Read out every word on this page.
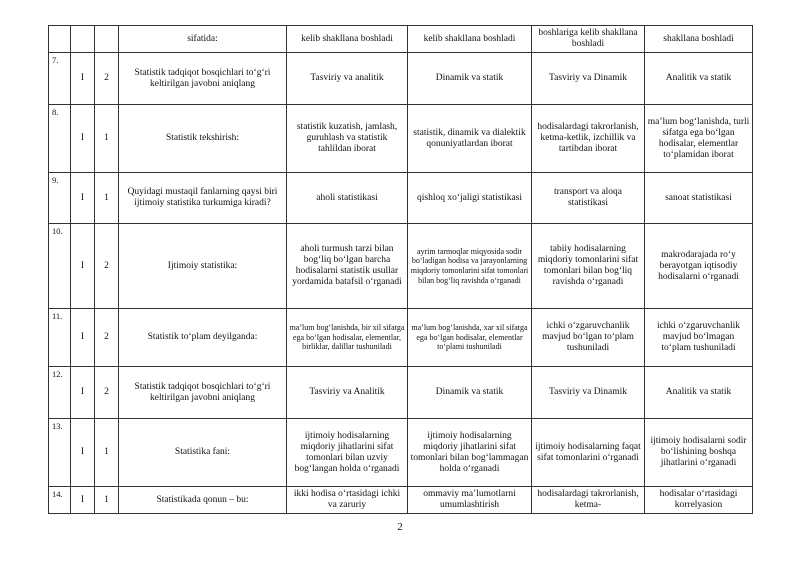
			sifatida:	kelib shakllana boshladi	kelib shakllana boshladi	boshlariga kelib shakllana boshladi	shakllana boshladi
7.	I	2	Statistik tadqiqot bosqichlari to‘g‘ri keltirilgan javobni aniqlang	Tasviriy va analitik	Dinamik va statik	Tasviriy va Dinamik	Analitik va statik
8.	I	1	Statistik tekshirish:	statistik kuzatish, jamlash, guruhlash va statistik tahlildan iborat	statistik, dinamik va dialektik qonuniyatlardan iborat	hodisalardagi takrorlanish, ketma-ketlik, izchillik va tartibdan iborat	ma’lum bog‘lanishda, turli sifatga ega bo‘lgan hodisalar, elementlar to‘plamidan iborat
9.	I	1	Quyidagi mustaqil fanlarning qaysi biri ijtimoiy statistika turkumiga kiradi?	aholi statistikasi	qishloq xo‘jaligi statistikasi	transport va aloqa statistikasi	sanoat statistikasi
10.	I	2	Ijtimoiy statistika:	aholi turmush tarzi bilan bog‘liq bo‘lgan barcha hodisalarni statistik usullar yordamida batafsil o‘rganadi	ayrim tarmoqlar miqyosida sodir bo‘ladigan hodisa va jarayonlarning miqdoriy tomonlarini sifat tomonlari bilan bog‘liq ravishda o‘rganadi	tabiiy hodisalarning miqdoriy tomonlarini sifat tomonlari bilan bog‘liq ravishda o‘rganadi	makrodarajada ro‘y berayotgan iqtisodiy hodisalarni o‘rganadi
11.	I	2	Statistik to‘plam deyilganda:	ma’lum bog‘lanishda, bir xil sifatga ega bo‘lgan hodisalar, elementlar, birliklar, dalillar tushuniladi	ma’lum bog‘lanishda, xar xil sifatga ega bo‘lgan hodisalar, elementlar to‘plami tushuniladi	ichki o‘zgaruvchanlik mavjud bo‘lgan to‘plam tushuniladi	ichki o‘zgaruvchanlik mavjud bo‘lmagan to‘plam tushuniladi
12.	I	2	Statistik tadqiqot bosqichlari to‘g‘ri keltirilgan javobni aniqlang	Tasviriy va Analitik	Dinamik va statik	Tasviriy va Dinamik	Analitik va statik
13.	I	1	Statistika fani:	ijtimoiy hodisalarning miqdoriy jihatlarini sifat tomonlari bilan uzviy bog‘langan holda o‘rganadi	ijtimoiy hodisalarning miqdoriy jihatlarini sifat tomonlari bilan bog‘lammagan holda o‘rganadi	ijtimoiy hodisalarning faqat sifat tomonlarini o‘rganadi	ijtimoiy hodisalarni sodir bo‘lishining boshqa jihatlarini o‘rganadi
14.	I	1	Statistikada qonun – bu:	ikki hodisa o‘rtasidagi ichki va zaruriy	ommaviy ma’lumotlarni umumlashtirish	hodisalardagi takrorlanish, ketma-	hodisalar o‘rtasidagi korrelyasion
2
